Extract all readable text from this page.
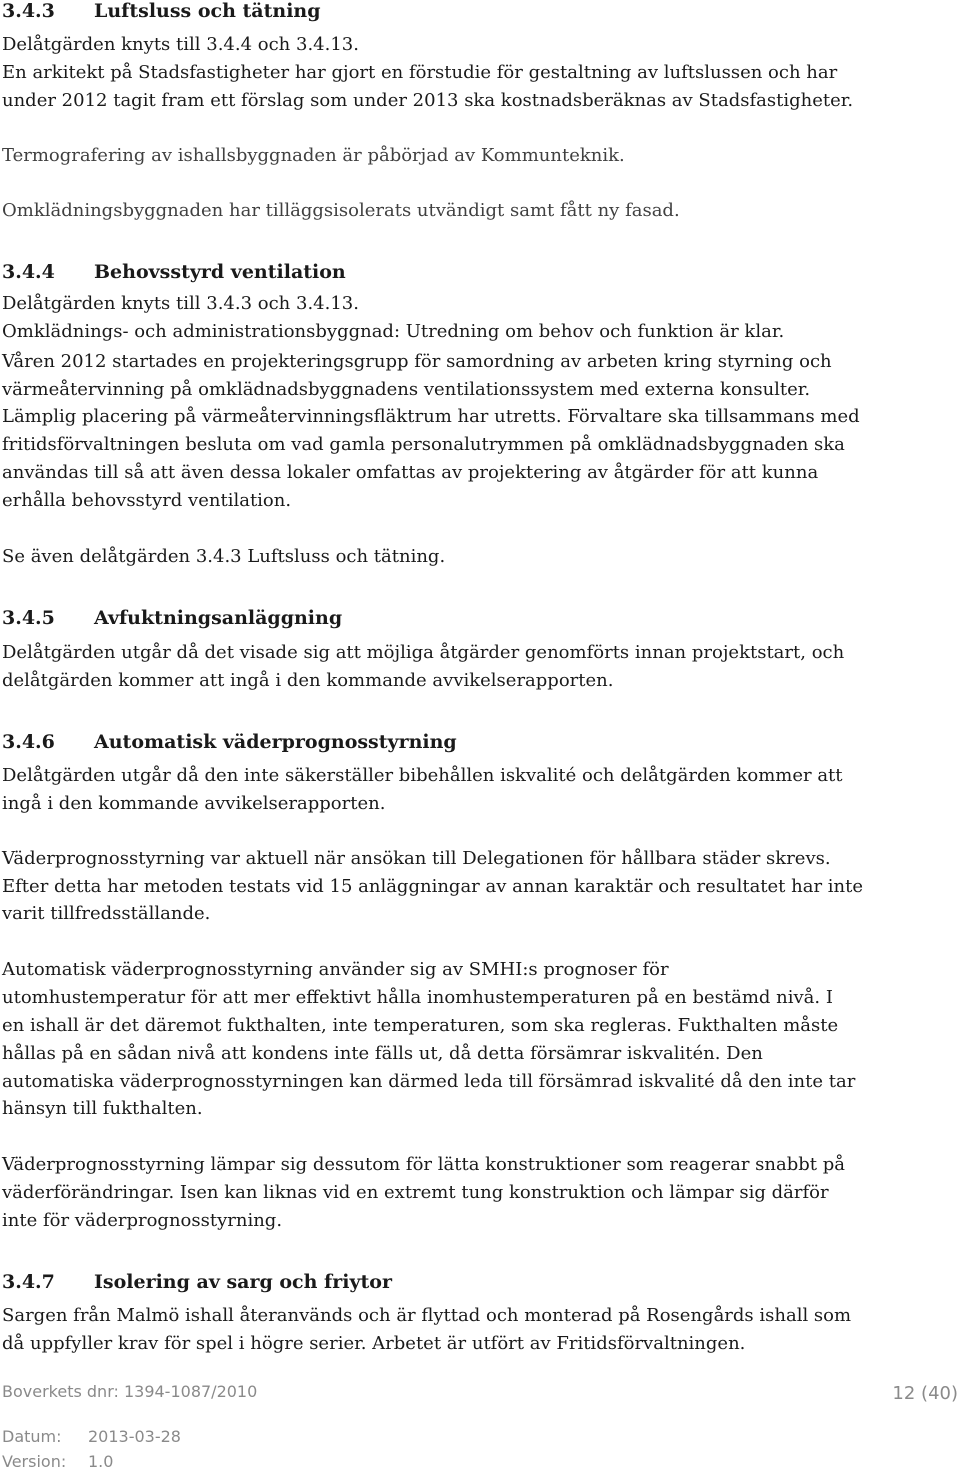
3.4.3 Luftsluss och tätning
Delåtgärden knyts till 3.4.4 och 3.4.13.
En arkitekt på Stadsfastigheter har gjort en förstudie för gestaltning av luftslussen och har
under 2012 tagit fram ett förslag som under 2013 ska kostnadsberäknas av Stadsfastigheter.
Termografering av ishallsbyggnaden är påbörjad av Kommunteknik.
Omklädningsbyggnaden har tilläggsisolerats utvändigt samt fått ny fasad.
3.4.4 Behovsstyrd ventilation
Delåtgärden knyts till 3.4.3 och 3.4.13.
Omklädnings- och administrationsbyggnad: Utredning om behov och funktion är klar.
Våren 2012 startades en projekteringsgrupp för samordning av arbeten kring styrning och
värmeåtervinning på omklädnadsbyggnadens ventilationssystem med externa konsulter.
Lämplig placering på värmeåtervinningsfläktrum har utretts. Förvaltare ska tillsammans med
fritidsförvaltningen besluta om vad gamla personalutrymmen på omklädnadsbyggnaden ska
användas till så att även dessa lokaler omfattas av projektering av åtgärder för att kunna
erhålla behovsstyrd ventilation.
Se även delåtgärden 3.4.3 Luftsluss och tätning.
3.4.5 Avfuktningsanläggning
Delåtgärden utgår då det visade sig att möjliga åtgärder genomförts innan projektstart, och
delåtgärden kommer att ingå i den kommande avvikelserapporten.
3.4.6 Automatisk väderprognosstyrning
Delåtgärden utgår då den inte säkerställer bibehållen iskvalité och delåtgärden kommer att
ingå i den kommande avvikelserapporten.
Väderprognosstyrning var aktuell när ansökan till Delegationen för hållbara städer skrevs.
Efter detta har metoden testats vid 15 anläggningar av annan karaktär och resultatet har inte
varit tillfredsställande.
Automatisk väderprognosstyrning använder sig av SMHI:s prognoser för
utomhustemperatur för att mer effektivt hålla inomhustemperaturen på en bestämd nivå. I
en ishall är det däremot fukthalten, inte temperaturen, som ska regleras. Fukthalten måste
hållas på en sådan nivå att kondens inte fälls ut, då detta försämrar iskvalitén. Den
automatiska väderprognosstyrningen kan därmed leda till försämrad iskvalité då den inte tar
hänsyn till fukthalten.
Väderprognosstyrning lämpar sig dessutom för lätta konstruktioner som reagerar snabbt på
väderförändringar. Isen kan liknas vid en extremt tung konstruktion och lämpar sig därför
inte för väderprognosstyrning.
3.4.7 Isolering av sarg och friytor
Sargen från Malmö ishall återanvänds och är flyttad och monterad på Rosengårds ishall som
då uppfyller krav för spel i högre serier. Arbetet är utfört av Fritidsförvaltningen.
Boverkets dnr: 1394-1087/2010	12 (40)
Datum: 2013-03-28
Version: 1.0
